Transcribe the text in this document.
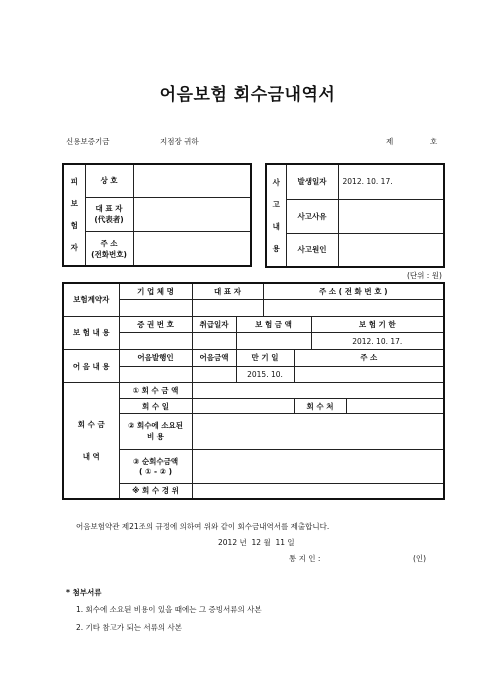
어음보험 회수금내역서
신용보증기금	지점장 귀하	제	호
피
보
험
자	상 호	
	대 표 자
(代表者)	
	주 소
(전화번호)	
사
고
내
용	발생일자	2012. 10. 17.
	사고사유	
	사고원인	
(단위 : 원)
보험계약자	기 업 체 명	대 표 자		주 소 ( 전 화 번 호 )			

보 험 내 용	증 권 번 호	취급일자	보 험 금 액			보 험 기 한	
						2012. 10. 17.	
어 음 내 용	어음발행인	어음금액	만 기 일		주 소		
			2015. 10.				
회 수 금
내 역	① 회 수 금 액						
	회 수 일				회 수 처		
	② 회수에 소요된
비 용						
	③ 순회수금액
( ① - ② )						
	※ 회 수 경 위						
어음보험약관 제21조의 규정에 의하여 위와 같이 회수금내역서를 제출합니다.
2012 년 12 월 11 일
통 지 인 :	(인)
* 첨부서류
1. 회수에 소요된 비용이 있을 때에는 그 증빙서류의 사본
2. 기타 참고가 되는 서류의 사본
